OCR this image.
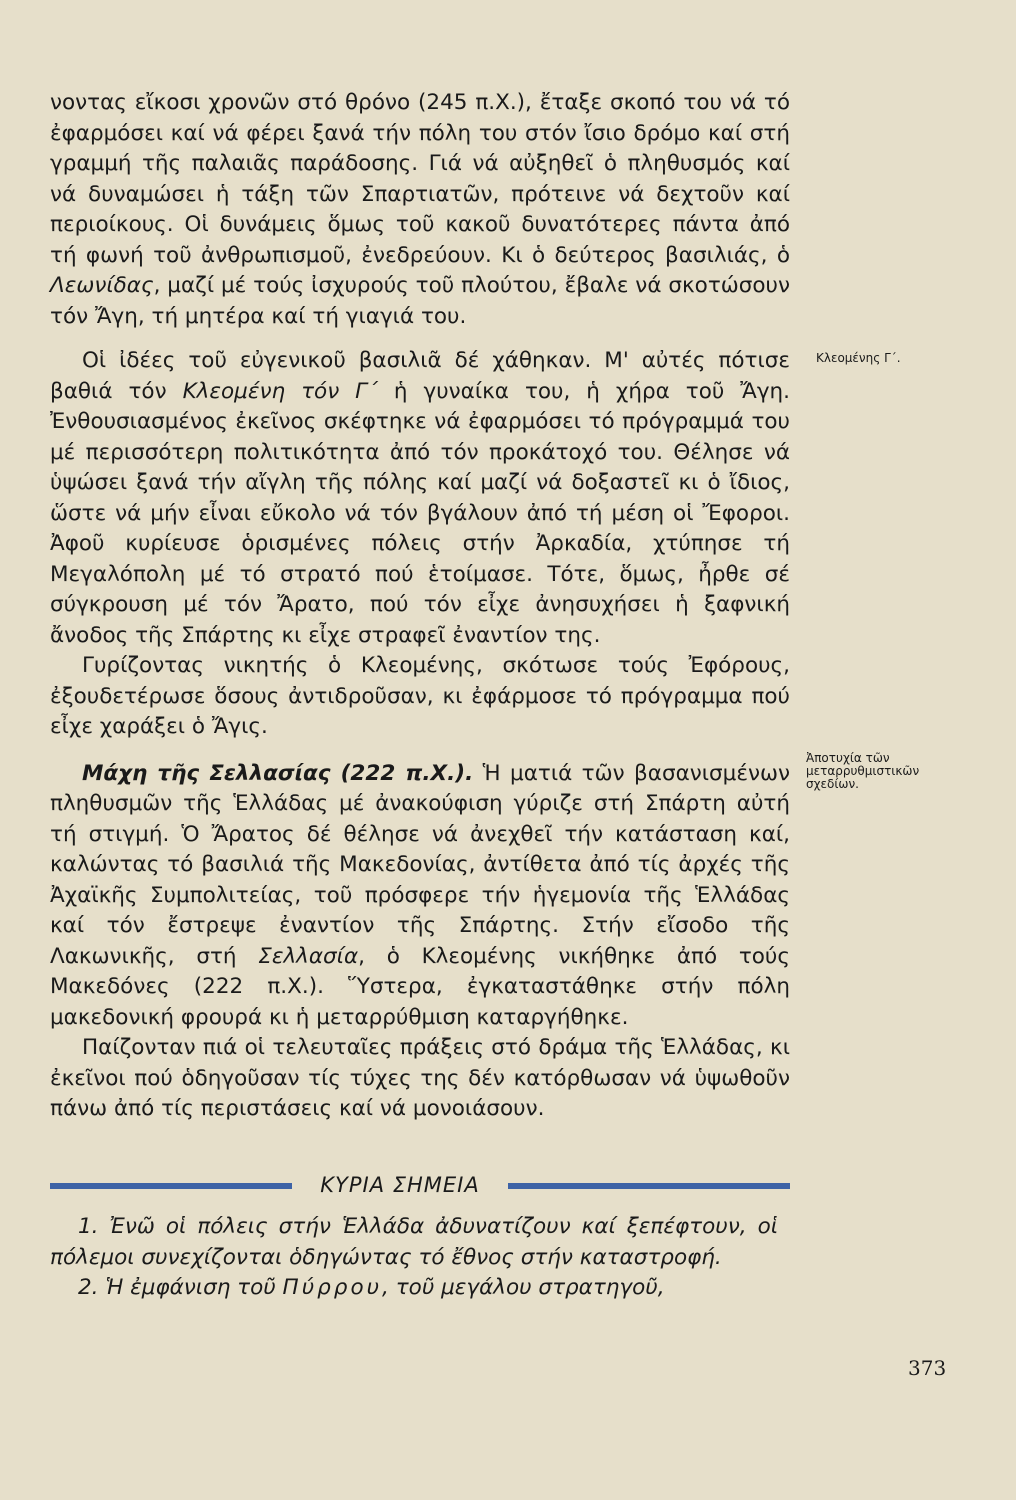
νοντας εἴκοσι χρονῶν στό θρόνο (245 π.Χ.), ἔταξε σκοπό του νά τό ἐφαρμόσει καί νά φέρει ξανά τήν πόλη του στόν ἴσιο δρόμο καί στή γραμμή τῆς παλαιᾶς παράδοσης. Γιά νά αὐξηθεῖ ὁ πληθυσμός καί νά δυναμώσει ἡ τάξη τῶν Σπαρτιατῶν, πρότεινε νά δεχτοῦν καί περιοίκους. Οἱ δυνάμεις ὅμως τοῦ κακοῦ δυνατότερες πάντα ἀπό τή φωνή τοῦ ἀνθρωπισμοῦ, ἐνεδρεύουν. Κι ὁ δεύτερος βασιλιάς, ὁ Λεωνίδας, μαζί μέ τούς ἰσχυρούς τοῦ πλούτου, ἔβαλε νά σκοτώσουν τόν Ἄγη, τή μητέρα καί τή γιαγιά του.

Οἱ ἰδέες τοῦ εὐγενικοῦ βασιλιᾶ δέ χάθηκαν. Μ' αὐτές πότισε βαθιά τόν Κλεομένη τόν Γ΄ ἡ γυναίκα του, ἡ χήρα τοῦ Ἄγη. Ἐνθουσιασμένος ἐκεῖνος σκέφτηκε νά ἐφαρμόσει τό πρόγραμμά του μέ περισσότερη πολιτικότητα ἀπό τόν προκάτοχό του. Θέλησε νά ὑψώσει ξανά τήν αἴγλη τῆς πόλης καί μαζί νά δοξαστεῖ κι ὁ ἴδιος, ὥστε νά μήν εἶναι εὔκολο νά τόν βγάλουν ἀπό τή μέση οἱ Ἔφοροι. Ἀφοῦ κυρίευσε ὁρισμένες πόλεις στήν Ἀρκαδία, χτύπησε τή Μεγαλόπολη μέ τό στρατό πού ἑτοίμασε. Τότε, ὅμως, ἦρθε σέ σύγκρουση μέ τόν Ἄρατο, πού τόν εἶχε ἀνησυχήσει ἡ ξαφνική ἄνοδος τῆς Σπάρτης κι εἶχε στραφεῖ ἐναντίον της.

Γυρίζοντας νικητής ὁ Κλεομένης, σκότωσε τούς Ἐφόρους, ἐξουδετέρωσε ὅσους ἀντιδροῦσαν, κι ἐφάρμοσε τό πρόγραμμα πού εἶχε χαράξει ὁ Ἄγις.

Μάχη τῆς Σελλασίας (222 π.Χ.). Ἡ ματιά τῶν βασανισμένων πληθυσμῶν τῆς Ἑλλάδας μέ ἀνακούφιση γύριζε στή Σπάρτη αὐτή τή στιγμή. Ὁ Ἄρατος δέ θέλησε νά ἀνεχθεῖ τήν κατάσταση καί, καλώντας τό βασιλιά τῆς Μακεδονίας, ἀντίθετα ἀπό τίς ἀρχές τῆς Ἀχαϊκῆς Συμπολιτείας, τοῦ πρόσφερε τήν ἡγεμονία τῆς Ἑλλάδας καί τόν ἔστρεψε ἐναντίον τῆς Σπάρτης. Στήν εἴσοδο τῆς Λακωνικῆς, στή Σελλασία, ὁ Κλεομένης νικήθηκε ἀπό τούς Μακεδόνες (222 π.Χ.). Ὕστερα, ἐγκαταστάθηκε στήν πόλη μακεδονική φρουρά κι ἡ μεταρρύθμιση καταργήθηκε.

Παίζονταν πιά οἱ τελευταῖες πράξεις στό δράμα τῆς Ἑλλάδας, κι ἐκεῖνοι πού ὁδηγοῦσαν τίς τύχες της δέν κατόρθωσαν νά ὑψωθοῦν πάνω ἀπό τίς περιστάσεις καί νά μονοιάσουν.

Κλεομένης Γ΄.
Ἀποτυχία τῶν μεταρρυθμιστικῶν σχεδίων.
ΚΥΡΙΑ ΣΗΜΕΙΑ

1. Ἐνῶ οἱ πόλεις στήν Ἑλλάδα ἀδυνατίζουν καί ξεπέφτουν, οἱ πόλεμοι συνεχίζονται ὁδηγώντας τό ἔθνος στήν καταστροφή.

2. Ἡ ἐμφάνιση τοῦ Πύρρου, τοῦ μεγάλου στρατηγοῦ,

373
